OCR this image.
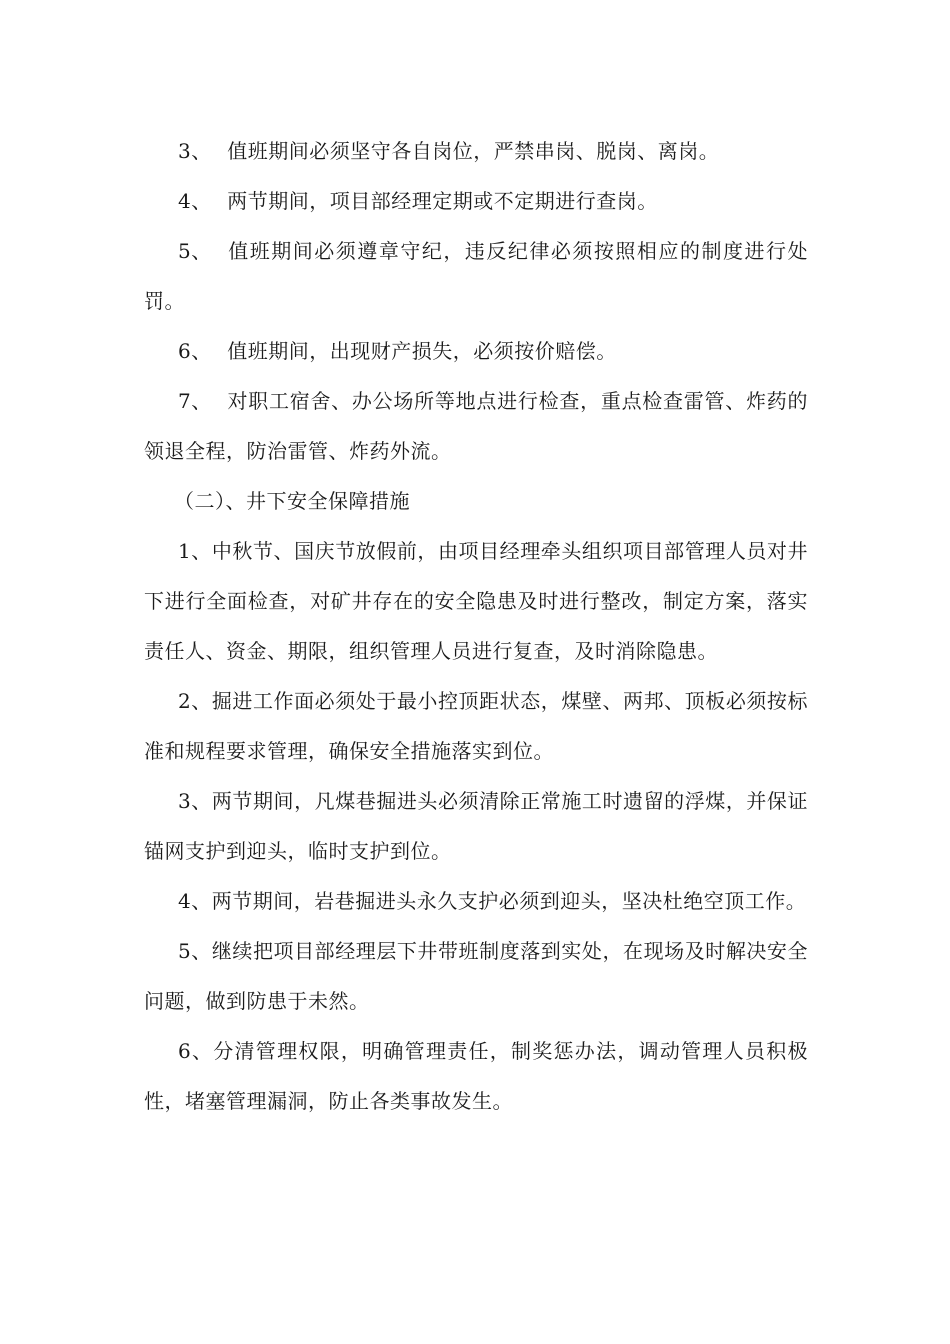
3、 值班期间必须坚守各自岗位，严禁串岗、脱岗、离岗。

4、 两节期间，项目部经理定期或不定期进行查岗。

5、 值班期间必须遵章守纪，违反纪律必须按照相应的制度进行处罚。

6、 值班期间，出现财产损失，必须按价赔偿。

7、 对职工宿舍、办公场所等地点进行检查，重点检查雷管、炸药的领退全程，防治雷管、炸药外流。

（二）、井下安全保障措施

1、中秋节、国庆节放假前，由项目经理牵头组织项目部管理人员对井下进行全面检查，对矿井存在的安全隐患及时进行整改，制定方案，落实责任人、资金、期限，组织管理人员进行复查，及时消除隐患。

2、掘进工作面必须处于最小控顶距状态，煤壁、两邦、顶板必须按标准和规程要求管理，确保安全措施落实到位。

3、两节期间，凡煤巷掘进头必须清除正常施工时遗留的浮煤，并保证锚网支护到迎头，临时支护到位。

4、两节期间，岩巷掘进头永久支护必须到迎头，坚决杜绝空顶工作。

5、继续把项目部经理层下井带班制度落到实处，在现场及时解决安全问题，做到防患于未然。

6、分清管理权限，明确管理责任，制奖惩办法，调动管理人员积极性，堵塞管理漏洞，防止各类事故发生。
